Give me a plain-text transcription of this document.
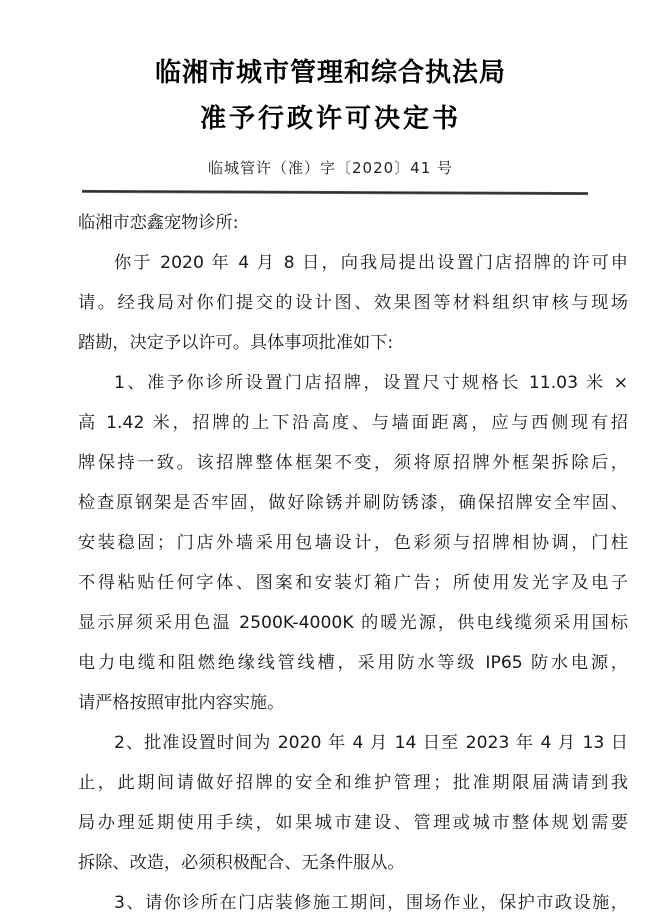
临湘市城市管理和综合执法局
准予行政许可决定书
临城管许（准）字〔2020〕41 号
临湘市恋鑫宠物诊所:
你于 2020 年 4 月 8 日，向我局提出设置门店招牌的许可申
请。经我局对你们提交的设计图、效果图等材料组织审核与现场
踏勘，决定予以许可。具体事项批准如下:
1、准予你诊所设置门店招牌，设置尺寸规格长 11.03 米 ×
高 1.42 米，招牌的上下沿高度、与墙面距离，应与西侧现有招
牌保持一致。该招牌整体框架不变，须将原招牌外框架拆除后，
检查原钢架是否牢固，做好除锈并刷防锈漆，确保招牌安全牢固、
安装稳固；门店外墙采用包墙设计，色彩须与招牌相协调，门柱
不得粘贴任何字体、图案和安装灯箱广告；所使用发光字及电子
显示屏须采用色温 2500K-4000K 的暖光源，供电线缆须采用国标
电力电缆和阻燃绝缘线管线槽，采用防水等级 IP65 防水电源，
请严格按照审批内容实施。
2、批准设置时间为 2020 年 4 月 14 日至 2023 年 4 月 13 日
止，此期间请做好招牌的安全和维护管理；批准期限届满请到我
局办理延期使用手续，如果城市建设、管理或城市整体规划需要
拆除、改造，必须积极配合、无条件服从。
3、请你诊所在门店装修施工期间，围场作业，保护市政设施，
